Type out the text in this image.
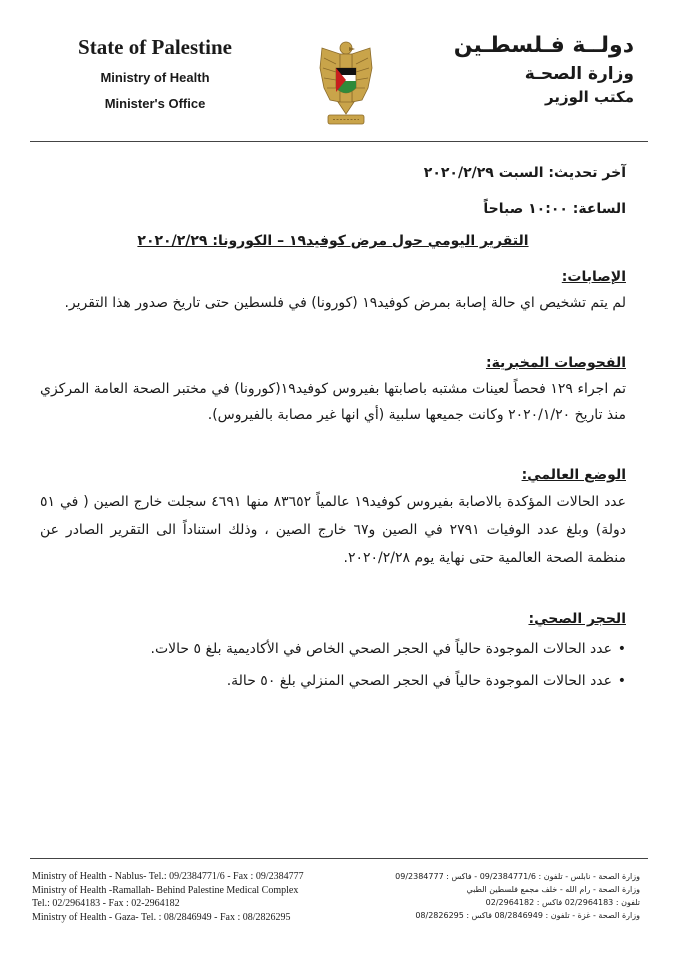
State of Palestine
Ministry of Health
Minister's Office
دولــة فـلسطـين
وزارة الصحـة
مكتب الوزير

آخر تحديث: السبت ٢٠٢٠/٢/٢٩

الساعة: ١٠:٠٠ صباحاً

التقرير اليومي حول مرض كوفيد١٩ – الكورونا: ٢٠٢٠/٢/٢٩

الإصابات:

لم يتم تشخيص اي حالة إصابة بمرض كوفيد١٩ (كورونا) في فلسطين حتى تاريخ صدور هذا التقرير.

الفحوصات المخبرية:

تم اجراء ١٢٩ فحصاً لعينات مشتبه باصابتها بفيروس كوفيد١٩(كورونا) في مختبر الصحة العامة المركزي منذ تاريخ ٢٠٢٠/١/٢٠ وكانت جميعها سلبية (أي انها غير مصابة بالفيروس).

الوضع العالمي:

عدد الحالات المؤكدة بالاصابة بفيروس كوفيد١٩ عالمياً ٨٣٦٥٢ منها ٤٦٩١ سجلت خارج الصين ( في ٥١ دولة) وبلغ عدد الوفيات ٢٧٩١ في الصين و٦٧ خارج الصين ، وذلك استناداً الى التقرير الصادر عن منظمة الصحة العالمية حتى نهاية يوم ٢٠٢٠/٢/٢٨.

الحجر الصحي:

• عدد الحالات الموجودة حالياً في الحجر الصحي الخاص في الأكاديمية بلغ ٥ حالات.
• عدد الحالات الموجودة حالياً في الحجر الصحي المنزلي بلغ ٥٠ حالة.
Ministry of Health - Nablus- Tel.: 09/2384771/6 - Fax : 09/2384777
Ministry of Health -Ramallah- Behind Palestine Medical Complex
Tel.: 02/2964183 - Fax : 02-2964182
Ministry of Health - Gaza- Tel. : 08/2846949 - Fax : 08/2826295
وزارة الصحة - نابلس - تلفون : 09/2384771/6 - فاكس : 09/2384777
وزارة الصحة - رام الله - خلف مجمع فلسطين الطبي
تلفون : 02/2964183 فاكس : 02/2964182
وزارة الصحة - غزة - تلفون : 08/2846949 فاكس : 08/2826295
